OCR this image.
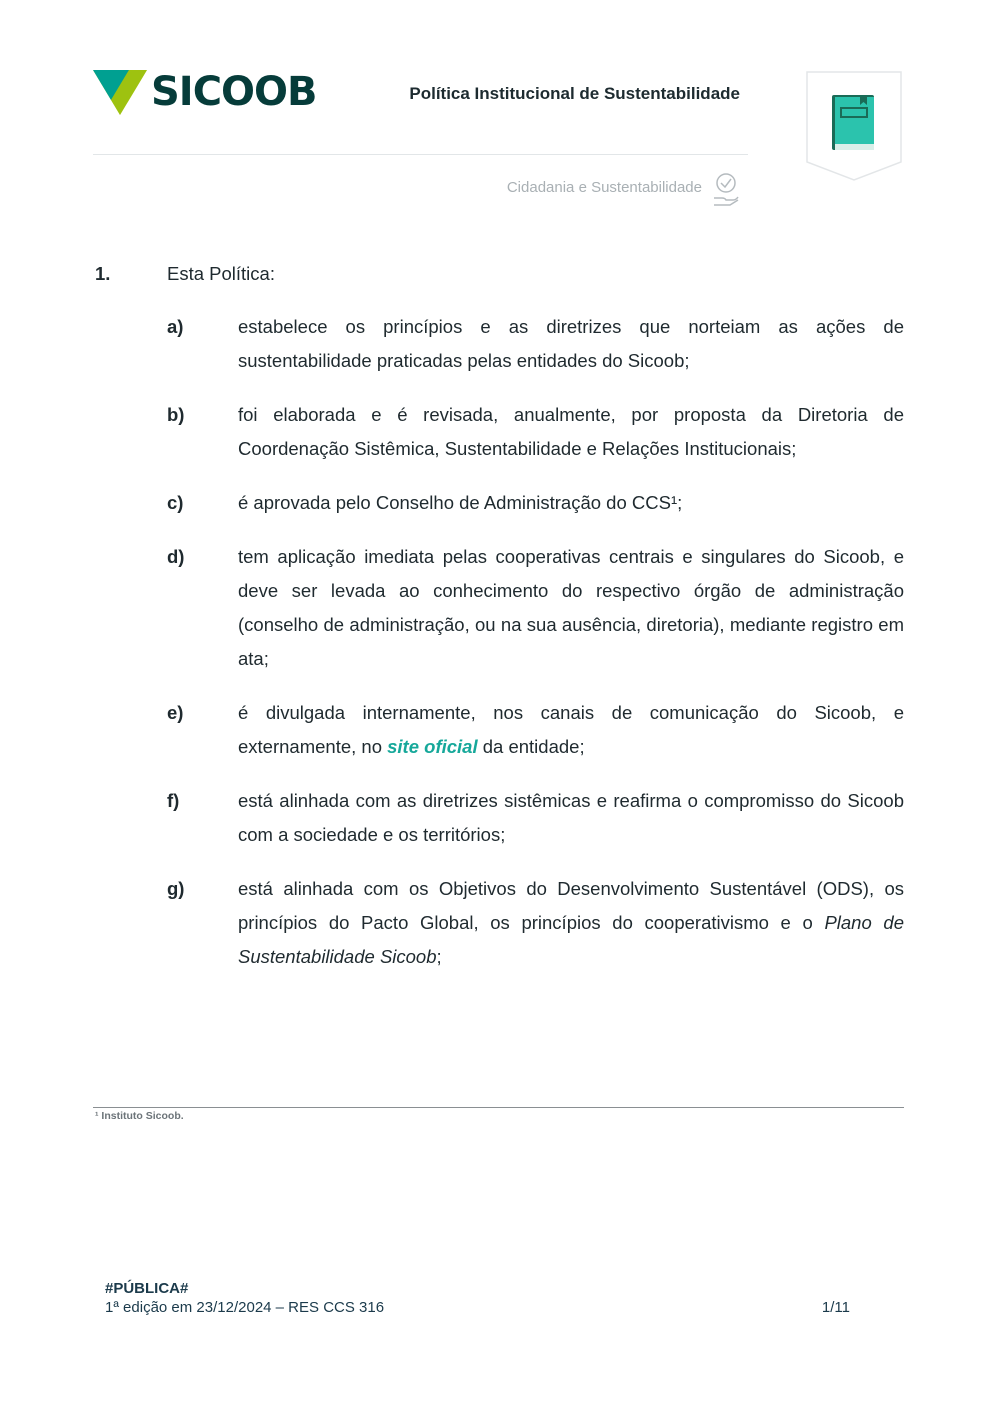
SICOOB	Política Institucional de Sustentabilidade
Cidadania e Sustentabilidade
1.	Esta Política:
a)	estabelece os princípios e as diretrizes que norteiam as ações de sustentabilidade praticadas pelas entidades do Sicoob;
b)	foi elaborada e é revisada, anualmente, por proposta da Diretoria de Coordenação Sistêmica, Sustentabilidade e Relações Institucionais;
c)	é aprovada pelo Conselho de Administração do CCS¹;
d)	tem aplicação imediata pelas cooperativas centrais e singulares do Sicoob, e deve ser levada ao conhecimento do respectivo órgão de administração (conselho de administração, ou na sua ausência, diretoria), mediante registro em ata;
e)	é divulgada internamente, nos canais de comunicação do Sicoob, e externamente, no site oficial da entidade;
f)	está alinhada com as diretrizes sistêmicas e reafirma o compromisso do Sicoob com a sociedade e os territórios;
g)	está alinhada com os Objetivos do Desenvolvimento Sustentável (ODS), os princípios do Pacto Global, os princípios do cooperativismo e o Plano de Sustentabilidade Sicoob;
¹ Instituto Sicoob.
#PÚBLICA#
1ª edição em 23/12/2024 – RES CCS 316	1/11
